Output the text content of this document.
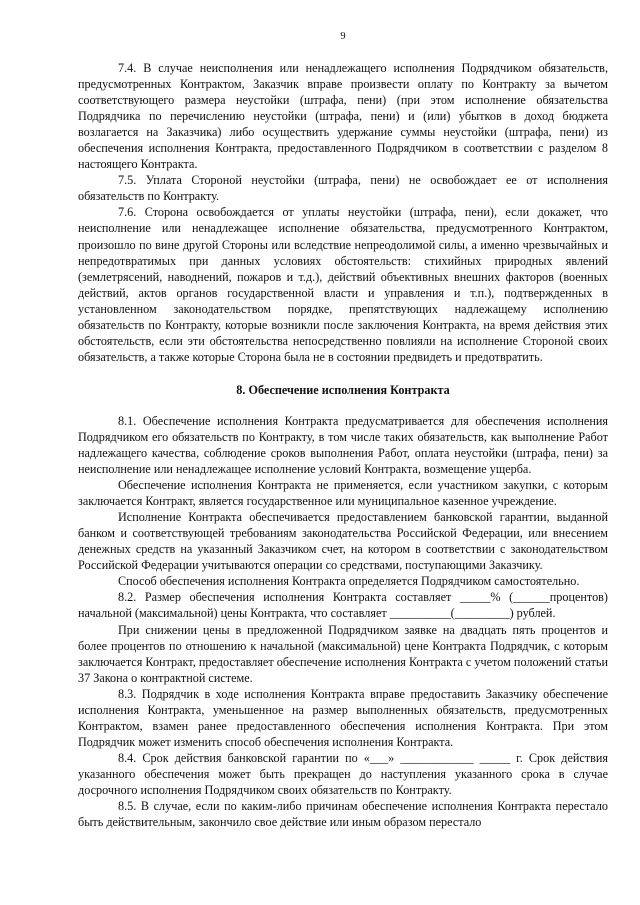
9

7.4. В случае неисполнения или ненадлежащего исполнения Подрядчиком обязательств, предусмотренных Контрактом, Заказчик вправе произвести оплату по Контракту за вычетом соответствующего размера неустойки (штрафа, пени) (при этом исполнение обязательства Подрядчика по перечислению неустойки (штрафа, пени) и (или) убытков в доход бюджета возлагается на Заказчика) либо осуществить удержание суммы неустойки (штрафа, пени) из обеспечения исполнения Контракта, предоставленного Подрядчиком в соответствии с разделом 8 настоящего Контракта.

7.5. Уплата Стороной неустойки (штрафа, пени) не освобождает ее от исполнения обязательств по Контракту.

7.6. Сторона освобождается от уплаты неустойки (штрафа, пени), если докажет, что неисполнение или ненадлежащее исполнение обязательства, предусмотренного Контрактом, произошло по вине другой Стороны или вследствие непреодолимой силы, а именно чрезвычайных и непредотвратимых при данных условиях обстоятельств: стихийных природных явлений (землетрясений, наводнений, пожаров и т.д.), действий объективных внешних факторов (военных действий, актов органов государственной власти и управления и т.п.), подтвержденных в установленном законодательством порядке, препятствующих надлежащему исполнению обязательств по Контракту, которые возникли после заключения Контракта, на время действия этих обстоятельств, если эти обстоятельства непосредственно повлияли на исполнение Стороной своих обязательств, а также которые Сторона была не в состоянии предвидеть и предотвратить.

8. Обеспечение исполнения Контракта

8.1. Обеспечение исполнения Контракта предусматривается для обеспечения исполнения Подрядчиком его обязательств по Контракту, в том числе таких обязательств, как выполнение Работ надлежащего качества, соблюдение сроков выполнения Работ, оплата неустойки (штрафа, пени) за неисполнение или ненадлежащее исполнение условий Контракта, возмещение ущерба.

Обеспечение исполнения Контракта не применяется, если участником закупки, с которым заключается Контракт, является государственное или муниципальное казенное учреждение.

Исполнение Контракта обеспечивается предоставлением банковской гарантии, выданной банком и соответствующей требованиям законодательства Российской Федерации, или внесением денежных средств на указанный Заказчиком счет, на котором в соответствии с законодательством Российской Федерации учитываются операции со средствами, поступающими Заказчику.

Способ обеспечения исполнения Контракта определяется Подрядчиком самостоятельно.

8.2. Размер обеспечения исполнения Контракта составляет _____% (______процентов) начальной (максимальной) цены Контракта, что составляет __________(_________) рублей.

При снижении цены в предложенной Подрядчиком заявке на двадцать пять процентов и более процентов по отношению к начальной (максимальной) цене Контракта Подрядчик, с которым заключается Контракт, предоставляет обеспечение исполнения Контракта с учетом положений статьи 37 Закона о контрактной системе.

8.3. Подрядчик в ходе исполнения Контракта вправе предоставить Заказчику обеспечение исполнения Контракта, уменьшенное на размер выполненных обязательств, предусмотренных Контрактом, взамен ранее предоставленного обеспечения исполнения Контракта. При этом Подрядчик может изменить способ обеспечения исполнения Контракта.

8.4. Срок действия банковской гарантии по «___» ____________ _____ г. Срок действия указанного обеспечения может быть прекращен до наступления указанного срока в случае досрочного исполнения Подрядчиком своих обязательств по Контракту.

8.5. В случае, если по каким-либо причинам обеспечение исполнения Контракта перестало быть действительным, закончило свое действие или иным образом перестало
